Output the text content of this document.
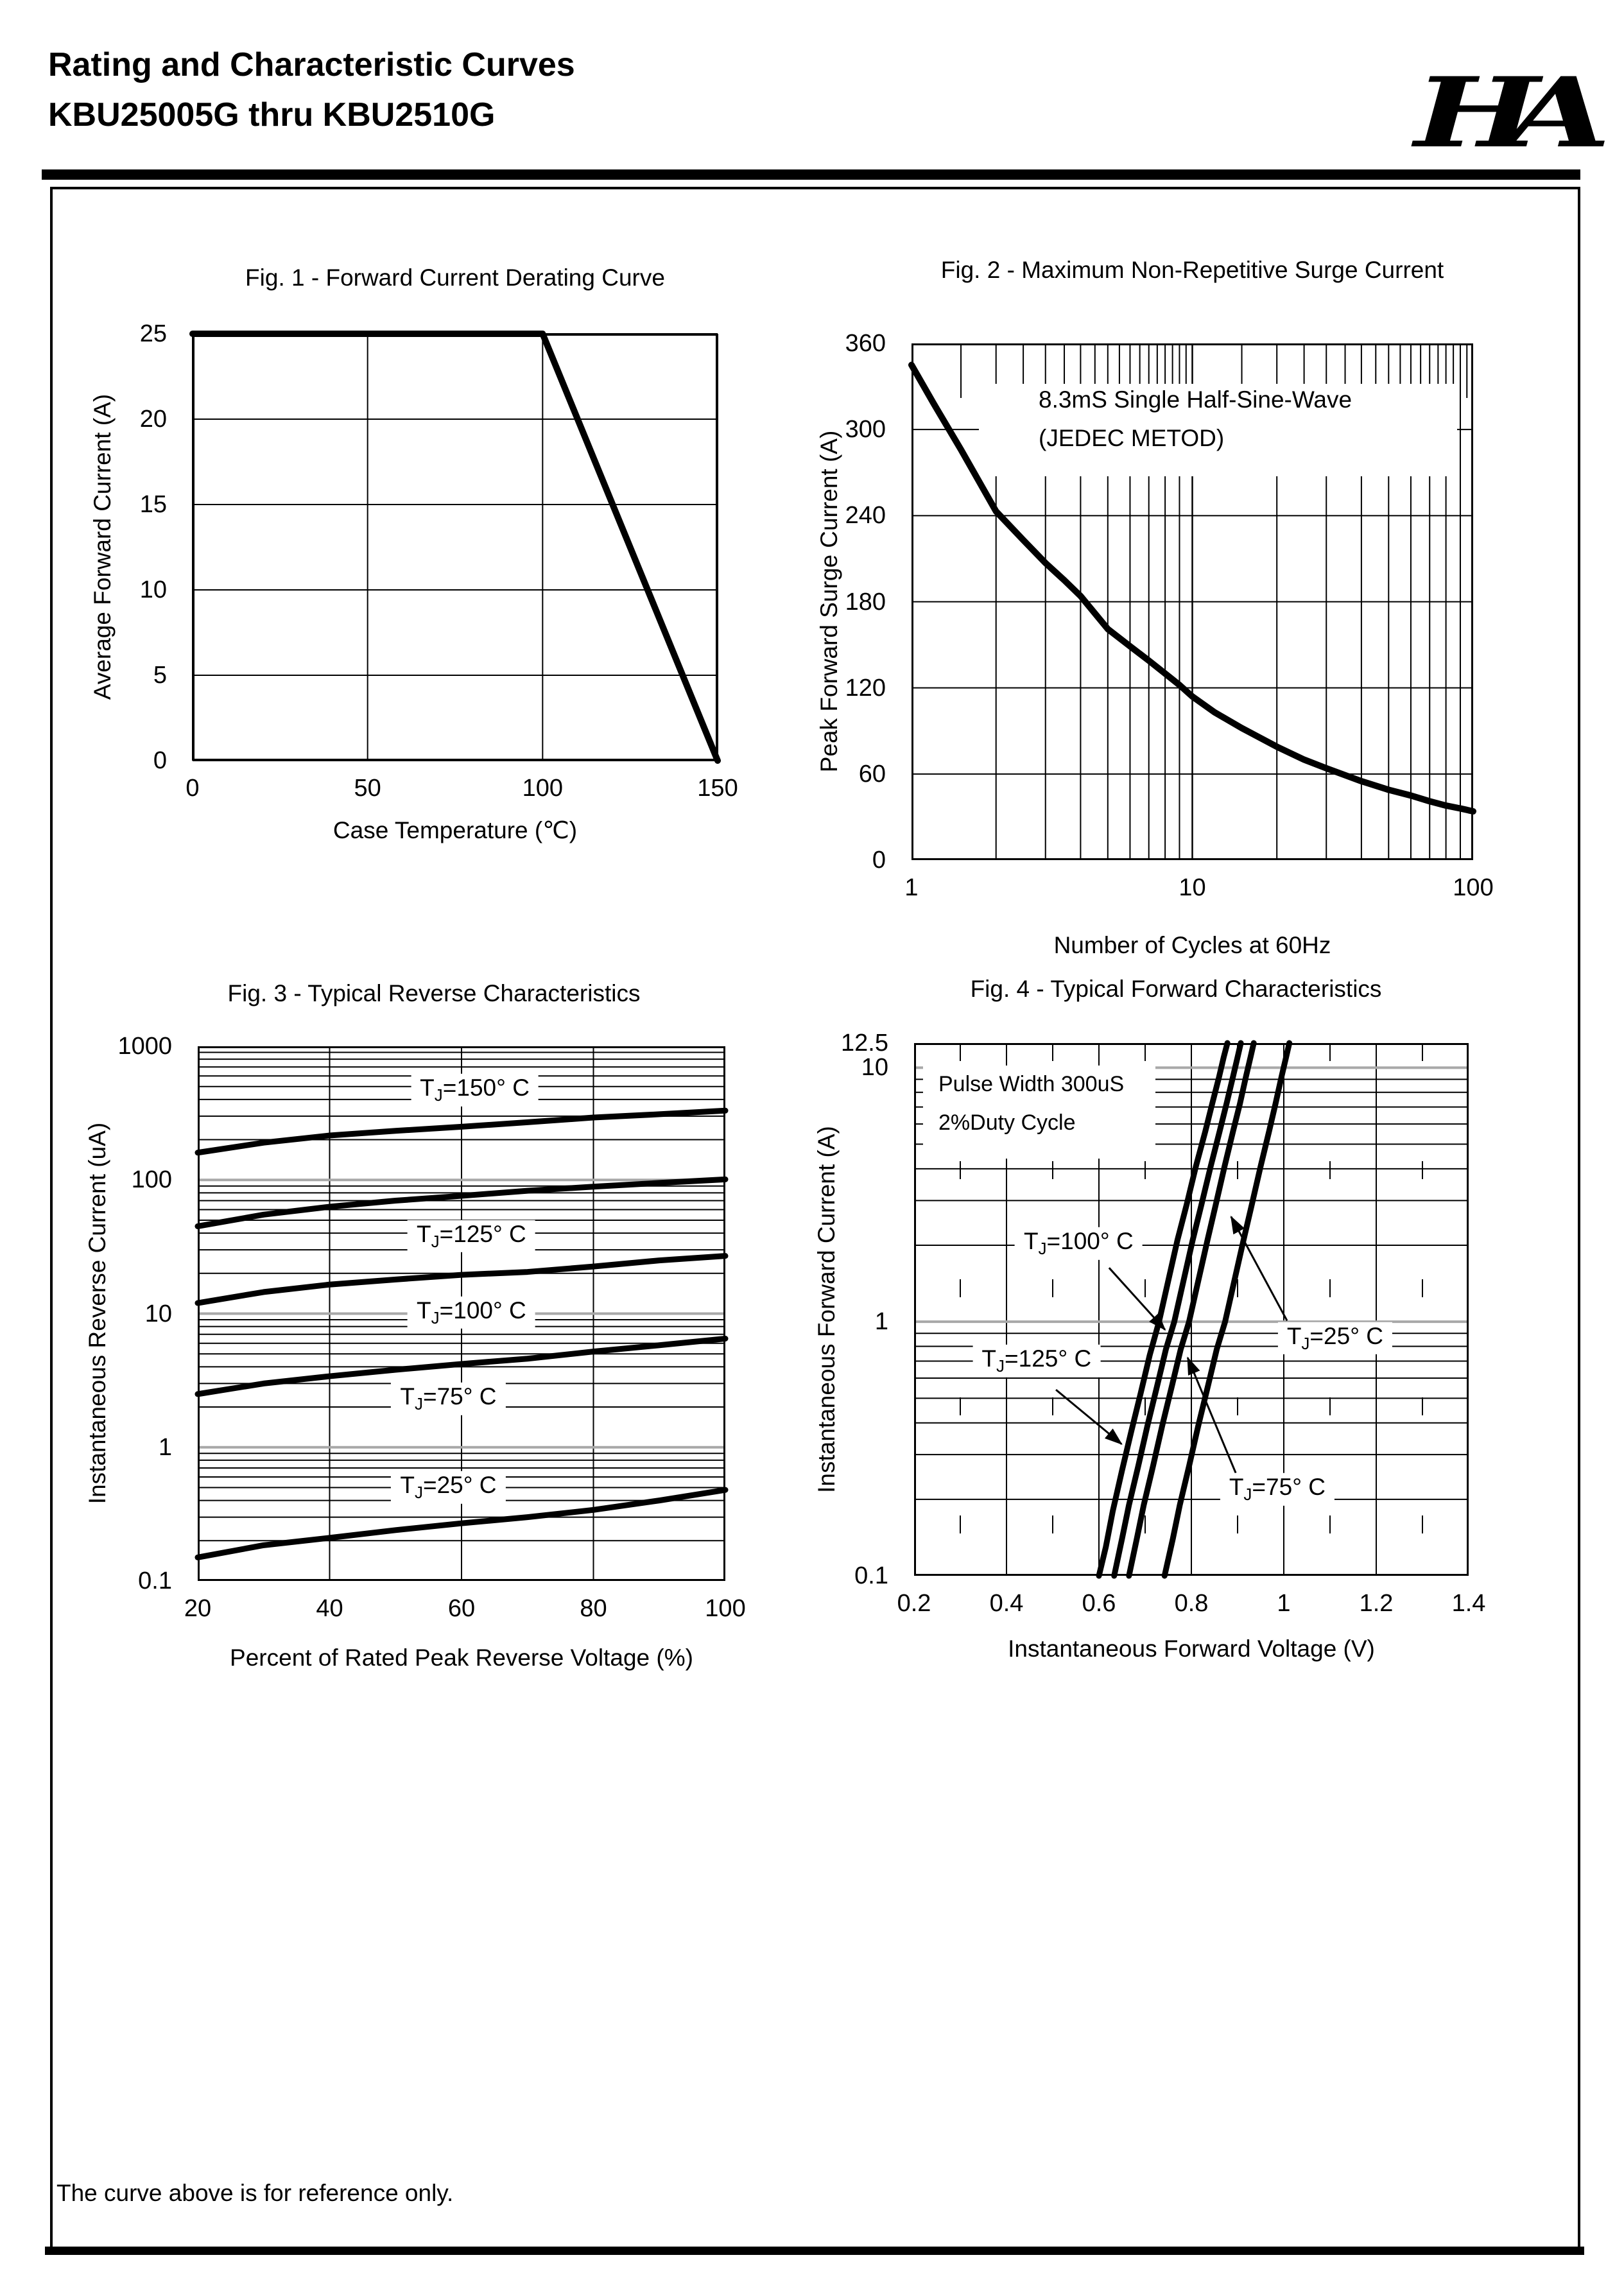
Rating and Characteristic Curves
KBU25005G thru KBU2510G	HA
Fig. 1 - Forward Current Derating Curve
Average Forward Current (A)
Case Temperature (℃)
Fig. 2 - Maximum Non-Repetitive Surge Current
8.3mS Single Half-Sine-Wave
(JEDEC METOD)
Peak Forward Surge Current (A)
Number of Cycles at 60Hz
Fig. 3 - Typical Reverse Characteristics
Instantaneous Reverse Current (uA)
Percent of Rated Peak Reverse Voltage (%)
$T_J=150^\circ$ C
$T_J=125^\circ$ C
$T_J=100^\circ$ C
$T_J=75^\circ$ C
$T_J=25^\circ$ C
Fig. 4 - Typical Forward Characteristics
Pulse Width 300uS
2%Duty Cycle
Instantaneous Forward Current (A)
Instantaneous Forward Voltage (V)
$T_J=125^\circ$ C
$T_J=100^\circ$ C
$T_J=75^\circ$ C
$T_J=25^\circ$ C
The curve above is for reference only.
25
20
15
10
5
0
0	50	100	150
360
300
240
180
120
60
0
1	10	100
1000
100
10
1
0.1
20	40	60	80	100
12.5
10
1
0.1
0.2	0.4	0.6	0.8	1	1.2	1.4
